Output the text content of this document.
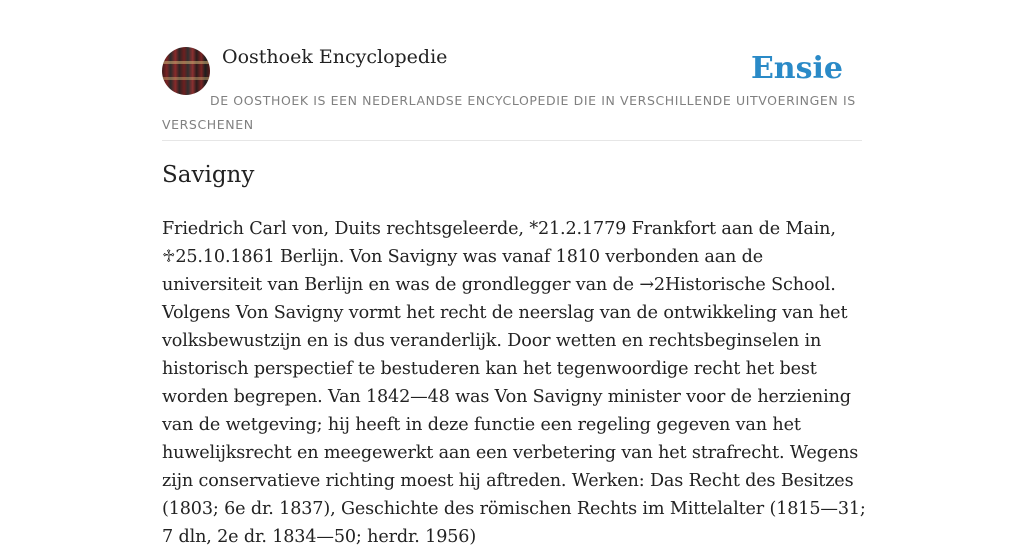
Oosthoek Encyclopedie	Ensie

DE OOSTHOEK IS EEN NEDERLANDSE ENCYCLOPEDIE DIE IN VERSCHILLENDE UITVOERINGEN IS VERSCHENEN

Savigny

Friedrich Carl von, Duits rechtsgeleerde, *21.2.1779 Frankfort aan de Main, ♱25.10.1861 Berlijn. Von Savigny was vanaf 1810 verbonden aan de universiteit van Berlijn en was de grondlegger van de →2Historische School. Volgens Von Savigny vormt het recht de neerslag van de ontwikkeling van het volksbewustzijn en is dus veranderlijk. Door wetten en rechtsbeginselen in historisch perspectief te bestuderen kan het tegenwoordige recht het best worden begrepen. Van 1842—48 was Von Savigny minister voor de herziening van de wetgeving; hij heeft in deze functie een regeling gegeven van het huwelijksrecht en meegewerkt aan een verbetering van het strafrecht. Wegens zijn conservatieve richting moest hij aftreden. Werken: Das Recht des Besitzes (1803; 6e dr. 1837), Geschichte des römischen Rechts im Mittelalter (1815—31; 7 dln, 2e dr. 1834—50; herdr. 1956)
